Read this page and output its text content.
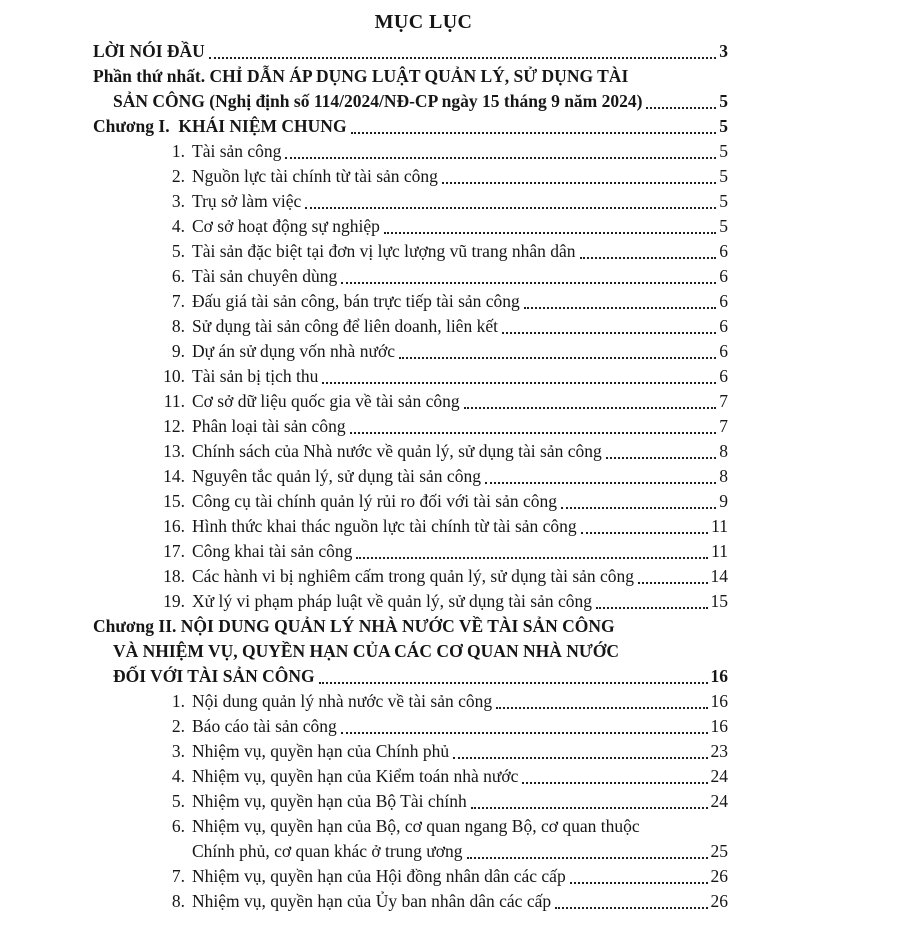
MỤC LỤC
LỜI NÓI ĐẦU	3
Phần thứ nhất. CHỈ DẪN ÁP DỤNG LUẬT QUẢN LÝ, SỬ DỤNG TÀI
SẢN CÔNG (Nghị định số 114/2024/NĐ-CP ngày 15 tháng 9 năm 2024)	5
Chương I.  KHÁI NIỆM CHUNG	5
1. Tài sản công	5
2. Nguồn lực tài chính từ tài sản công	5
3. Trụ sở làm việc	5
4. Cơ sở hoạt động sự nghiệp	5
5. Tài sản đặc biệt tại đơn vị lực lượng vũ trang nhân dân	6
6. Tài sản chuyên dùng	6
7. Đấu giá tài sản công, bán trực tiếp tài sản công	6
8. Sử dụng tài sản công để liên doanh, liên kết	6
9. Dự án sử dụng vốn nhà nước	6
10. Tài sản bị tịch thu	6
11. Cơ sở dữ liệu quốc gia về tài sản công	7
12. Phân loại tài sản công	7
13. Chính sách của Nhà nước về quản lý, sử dụng tài sản công	8
14. Nguyên tắc quản lý, sử dụng tài sản công	8
15. Công cụ tài chính quản lý rủi ro đối với tài sản công	9
16. Hình thức khai thác nguồn lực tài chính từ tài sản công	11
17. Công khai tài sản công	11
18. Các hành vi bị nghiêm cấm trong quản lý, sử dụng tài sản công	14
19. Xử lý vi phạm pháp luật về quản lý, sử dụng tài sản công	15
Chương II. NỘI DUNG QUẢN LÝ NHÀ NƯỚC VỀ TÀI SẢN CÔNG
VÀ NHIỆM VỤ, QUYỀN HẠN CỦA CÁC CƠ QUAN NHÀ NƯỚC
ĐỐI VỚI TÀI SẢN CÔNG	16
1. Nội dung quản lý nhà nước về tài sản công	16
2. Báo cáo tài sản công	16
3. Nhiệm vụ, quyền hạn của Chính phủ	23
4. Nhiệm vụ, quyền hạn của Kiểm toán nhà nước	24
5. Nhiệm vụ, quyền hạn của Bộ Tài chính	24
6. Nhiệm vụ, quyền hạn của Bộ, cơ quan ngang Bộ, cơ quan thuộc
Chính phủ, cơ quan khác ở trung ương	25
7. Nhiệm vụ, quyền hạn của Hội đồng nhân dân các cấp	26
8. Nhiệm vụ, quyền hạn của Ủy ban nhân dân các cấp	26
